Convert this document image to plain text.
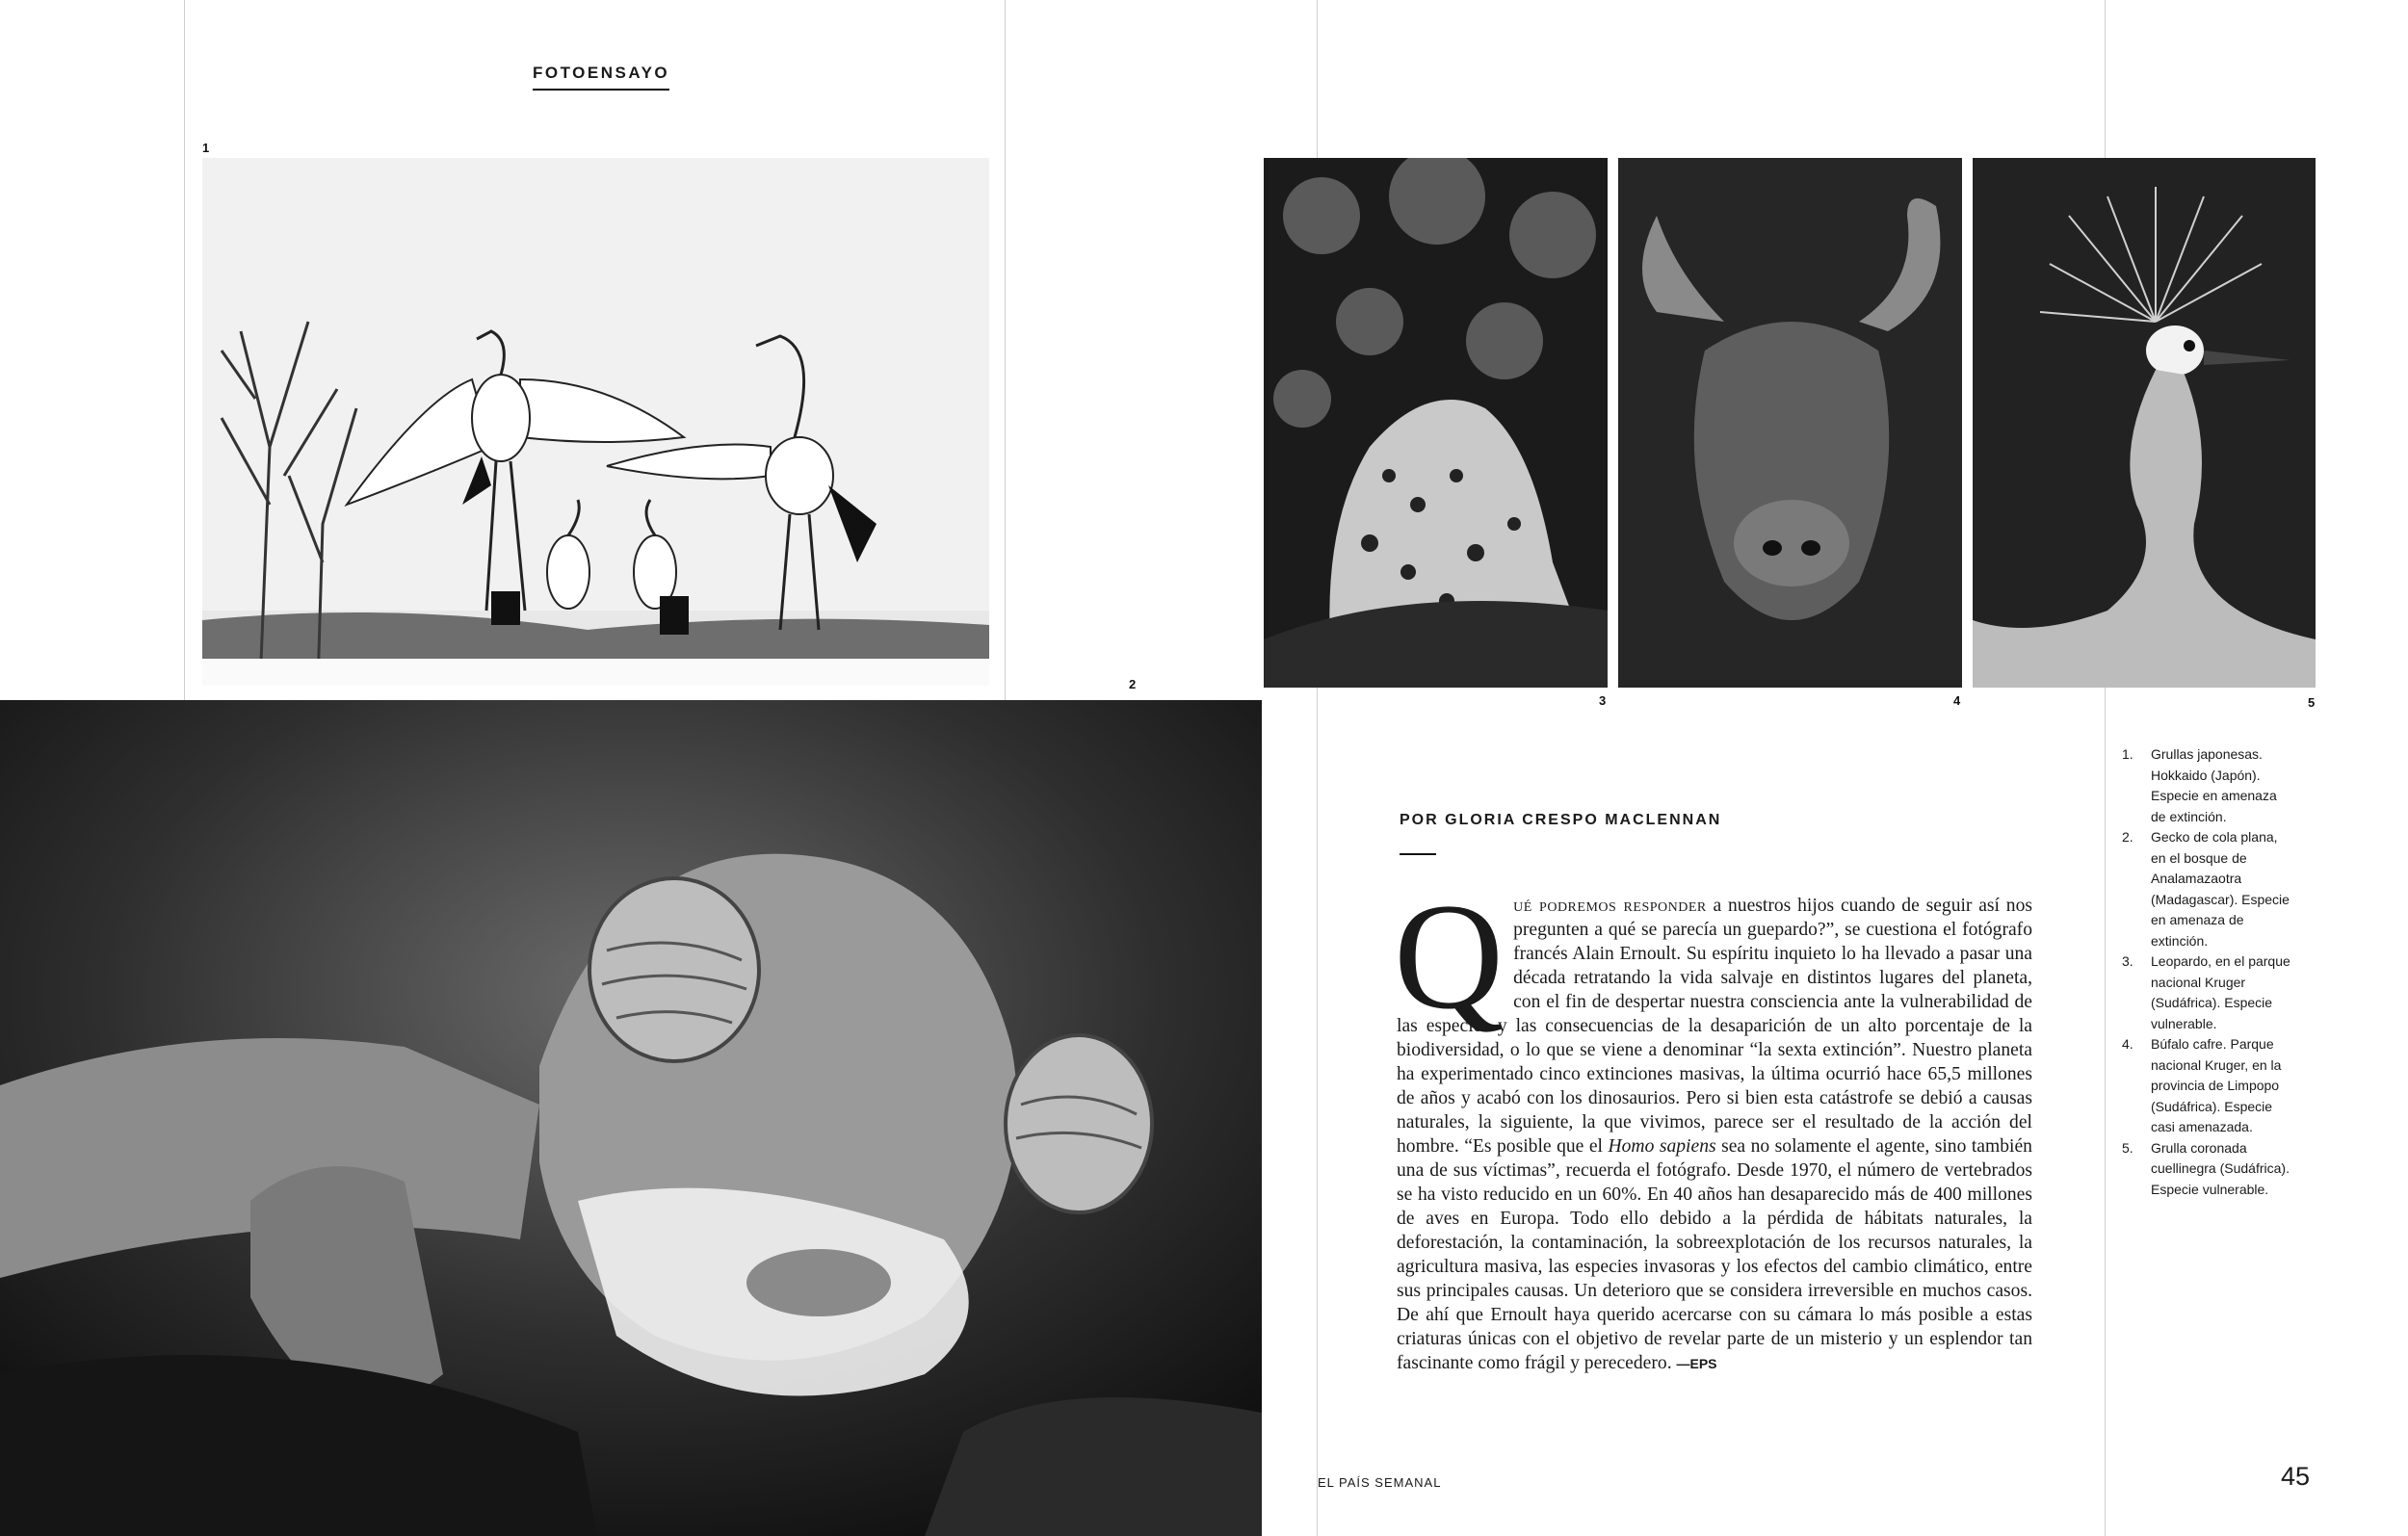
FOTOENSAYO
1
2
3	4	5
POR GLORIA CRESPO MACLENNAN
Qué podremos responder a nuestros hijos cuando de seguir así nos pregunten a qué se parecía un guepardo?”, se cuestiona el fotógrafo francés Alain Ernoult. Su espíritu inquieto lo ha llevado a pasar una década retratando la vida salvaje en distintos lugares del planeta, con el fin de despertar nuestra consciencia ante la vulnerabilidad de las especies y las consecuencias de la desaparición de un alto porcentaje de la biodiversidad, o lo que se viene a denominar “la sexta extinción”. Nuestro planeta ha experimentado cinco extinciones masivas, la última ocurrió hace 65,5 millones de años y acabó con los dinosaurios. Pero si bien esta catástrofe se debió a causas naturales, la siguiente, la que vivimos, parece ser el resultado de la acción del hombre. “Es posible que el Homo sapiens sea no solamente el agente, sino también una de sus víctimas”, recuerda el fotógrafo. Desde 1970, el número de vertebrados se ha visto reducido en un 60%. En 40 años han desaparecido más de 400 millones de aves en Europa. Todo ello debido a la pérdida de hábitats naturales, la deforestación, la contaminación, la sobreexplotación de los recursos naturales, la agricultura masiva, las especies invasoras y los efectos del cambio climático, entre sus principales causas. Un deterioro que se considera irreversible en muchos casos. De ahí que Ernoult haya querido acercarse con su cámara lo más posible a estas criaturas únicas con el objetivo de revelar parte de un misterio y un esplendor tan fascinante como frágil y perecedero. —EPS
1. Grullas japonesas. Hokkaido (Japón). Especie en amenaza de extinción.
2. Gecko de cola plana, en el bosque de Analamazaotra (Madagascar). Especie en amenaza de extinción.
3. Leopardo, en el parque nacional Kruger (Sudáfrica). Especie vulnerable.
4. Búfalo cafre. Parque nacional Kruger, en la provincia de Limpopo (Sudáfrica). Especie casi amenazada.
5. Grulla coronada cuellinegra (Sudáfrica). Especie vulnerable.
EL PAÍS SEMANAL	45
